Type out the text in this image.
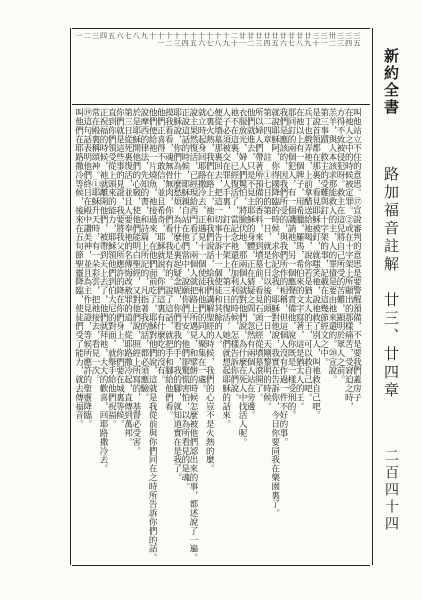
新約全書
路加福音註解　廿三、廿四章
二百四十四
三五
三四
三三
卅二
三一
三十
廿九
廿八
廿七
廿六
廿五
廿四
廿三
廿二
廿一
二十
十九
十八
十七
十六
十五
十四
十三
十二
十一
十
九
八
七
六
五
四
三
二
一
叫他站立不住的意思。⑰宣說審判的意思是要警醒預備，不是要我們蓋房子
在祂人之中的時候被定罪。②或在十字架上所顯出的那樣痛苦，受窘迫之時，
方得不致被侵犯呀。救主在這兒將自己所受的苦難，顯明於眾人之前。
羔羊，與人本該求那能救人的主，人的罪債是要由祂來還的。⑳宣說。
第三事蹟　救主的受難與釘十字架的事，記載在這幾節經文之中。
是說首領都在那裏，看見耶穌被釘，就嗤笑祂，說祂救了別人，叫祂救自己吧。
兵丁也戲弄祂，上前拿醋送給祂喝，說你若是猶太人的王，可以救自己吧。
在祂以上有一個牌子，用希臘，羅馬，希伯來的文字寫著，這是猶太人的王。
那同釘的兩個犯人，有一個譏誚祂，另一個應聲責備他，說你既是一樣受刑的。
我們是應該的，因我們所受的，與我們所作的相稱，但這個人沒有作過一件不好的事。
就說耶穌阿，你得國降臨的時候，求你記念我。耶穌對他說，我實在告訴你，今日你要同我在樂園裏了。
第二四章　註　①七日的第一日，就是七日以後的頭一日，天剛黎明的時候。
所以婦人們帶著所預備的香料，來到墳墓前，看見石頭已經從墳墓滾開了。
他們就進去，只是不見主耶穌的身體，正在猜疑之間，忽然有兩個人站在旁邊。
衣服放光，婦人們驚怕，將臉伏地，那兩個人就對他們說，為什麼在死人中找活人呢。
祂不在這裏，已經復活了，當記念祂還在加利利的時候，怎樣告訴你們說。
人子必須被交在罪人手裏，釘在十字架上，第三日復活。她們就想起耶穌的話來。
便從墳墓那裏回去，把這一切事告訴十一個使徒和其餘的人。
心裏火熱，我們在路上，祂和我們說話，給我們講解聖經的時候，我們的心豈不是火熱的麼。
就立時起身回耶路撒冷去，正遇見十一個使徒和他們的同人聚集在一處。
說主果然復活，已經現給西門看了，兩個人就把路上所遇見，和擘餅的時候怎麼被他們認出來的事，都述說了一遍。
正說這話的時候，耶穌親自站在他們當中，說願你們平安。他們卻驚慌害怕，以為所看見的是魂。
耶穌說，你們為什麼愁煩，為什麼心裏起疑念呢，你們看我的手，我的腳，就知道實在是我了。
摸我看看，魂無骨無肉，你們看，我是有的。說了這話，就把手和腳給他們看。
他們正喜得不敢信，並且希奇，耶穌就說，你們這裏有什麼吃的沒有。
他們便給祂一片燒魚，祂接過來，在他們面前吃了，耶穌對他們說，這就是我從前與你們同在之時所告訴你們的話。
說摩西的律法，先知的書，和詩篇上所記的，凡指著我的話，都必須應驗。
於是耶穌開他們的心竅，使他們能明白聖經，又對他們說，照經上所寫的，基督必受害。
第三日從死裏復活，並且人要奉祂的名傳悔改赦罪的道，從耶路撒冷起，直傳到萬邦。
你們就是這些事的見證，我要將我父所應許的降在你們身上，你們要在城裏等候。
直到你們領受從上頭來的能力，耶穌領他們到伯大尼的對面，就舉手給他們祝福。
正祝福的時候，祂就離開他們，被帶到天上去了，他們就拜祂，大大的歡喜，回耶路撒冷去。
常在殿裏稱頌神。①耶穌升天時，有一朵彩雲，把祂接去，看見一次。
⑲這句話表明他們終日在殿中讚美神，並且為主作見證，等候所應許的聖靈降臨。
叫他們在耶路撒冷等候，後來在五旬節聖靈降臨，使徒們受了能力，就去傳福音。
